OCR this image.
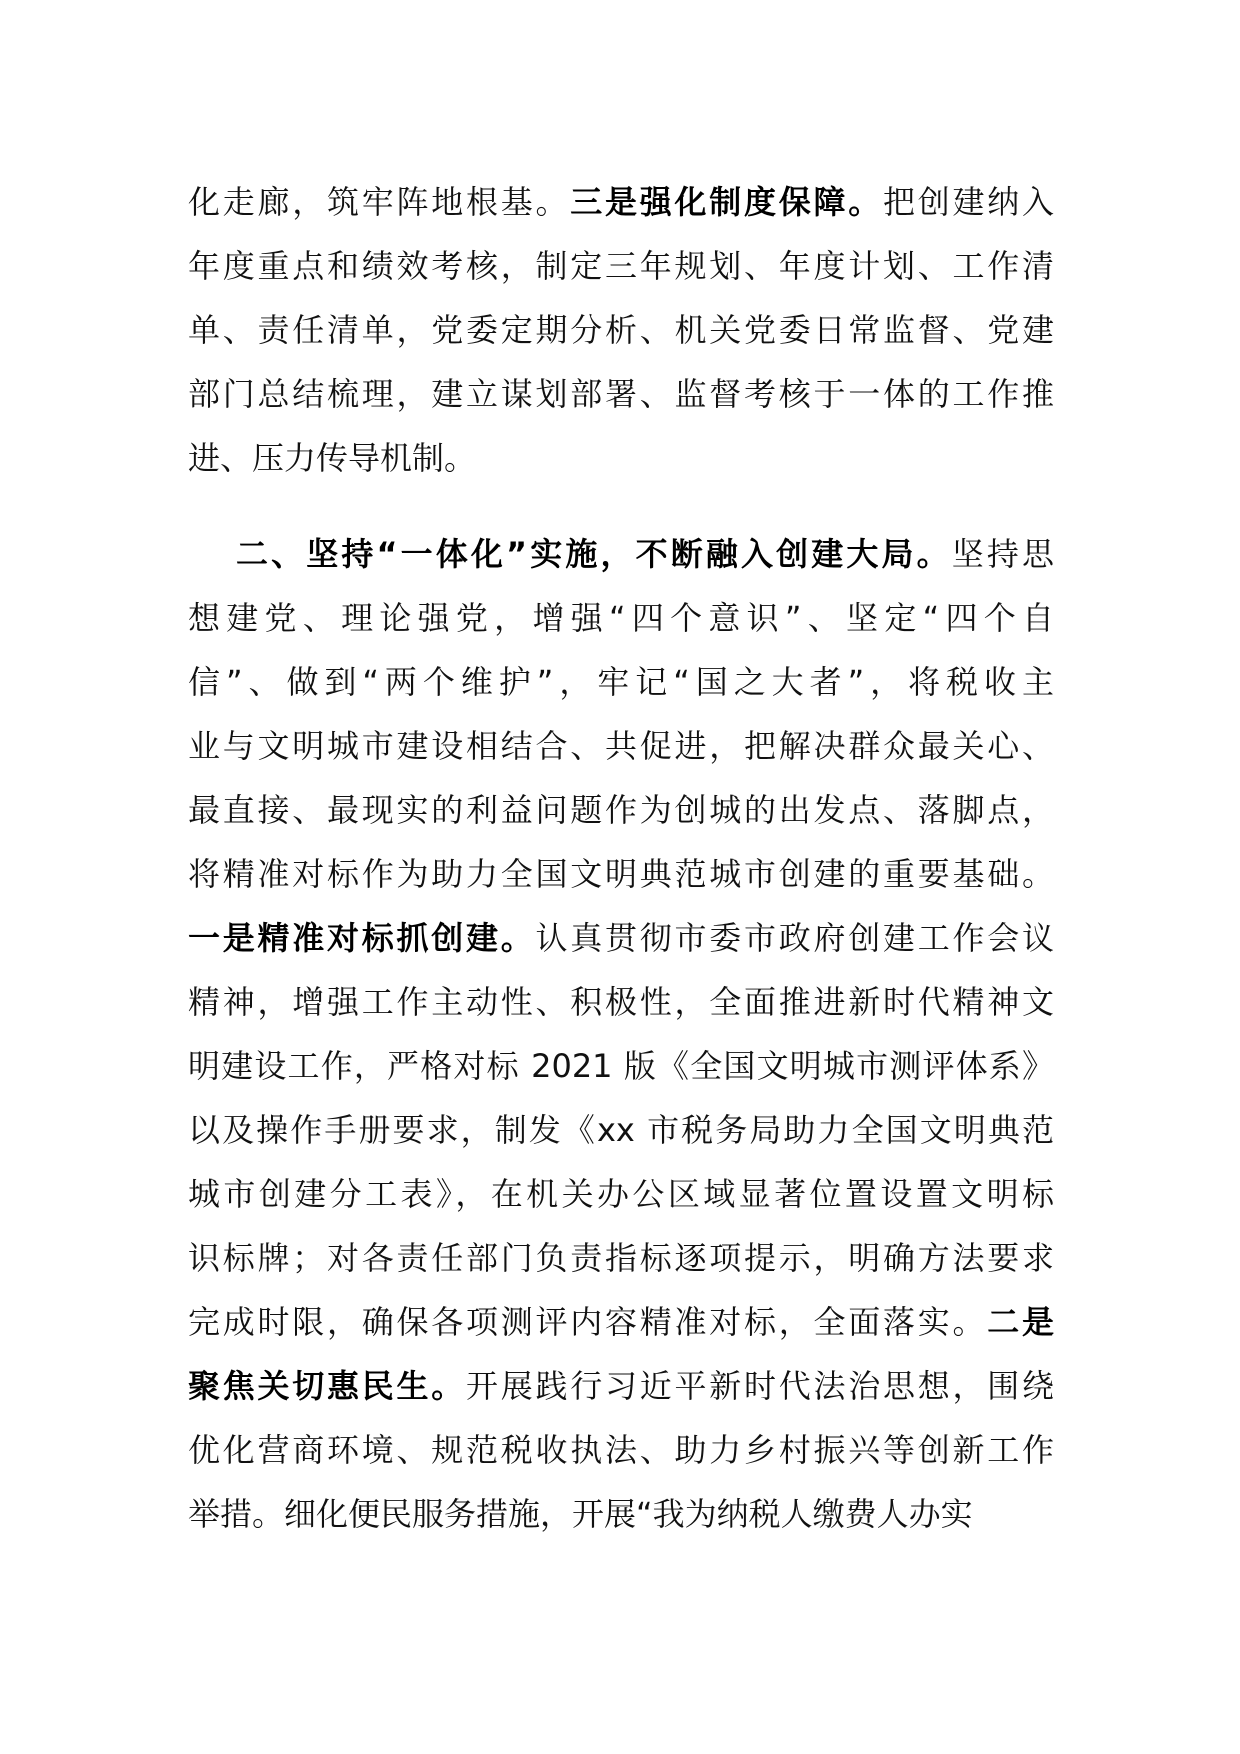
化走廊，筑牢阵地根基。三是强化制度保障。把创建纳入
年度重点和绩效考核，制定三年规划、年度计划、工作清
单、责任清单，党委定期分析、机关党委日常监督、党建
部门总结梳理，建立谋划部署、监督考核于一体的工作推
进、压力传导机制。
二、坚持“一体化”实施，不断融入创建大局。坚持思
想建党、理论强党，增强“四个意识”、坚定“四个自
信”、做到“两个维护”，牢记“国之大者”，将税收主
业与文明城市建设相结合、共促进，把解决群众最关心、
最直接、最现实的利益问题作为创城的出发点、落脚点，
将精准对标作为助力全国文明典范城市创建的重要基础。
一是精准对标抓创建。认真贯彻市委市政府创建工作会议
精神，增强工作主动性、积极性，全面推进新时代精神文
明建设工作，严格对标 2021 版《全国文明城市测评体系》
以及操作手册要求，制发《xx 市税务局助力全国文明典范
城市创建分工表》，在机关办公区域显著位置设置文明标
识标牌；对各责任部门负责指标逐项提示，明确方法要求
完成时限，确保各项测评内容精准对标，全面落实。二是
聚焦关切惠民生。开展践行习近平新时代法治思想，围绕
优化营商环境、规范税收执法、助力乡村振兴等创新工作
举措。细化便民服务措施，开展“我为纳税人缴费人办实
